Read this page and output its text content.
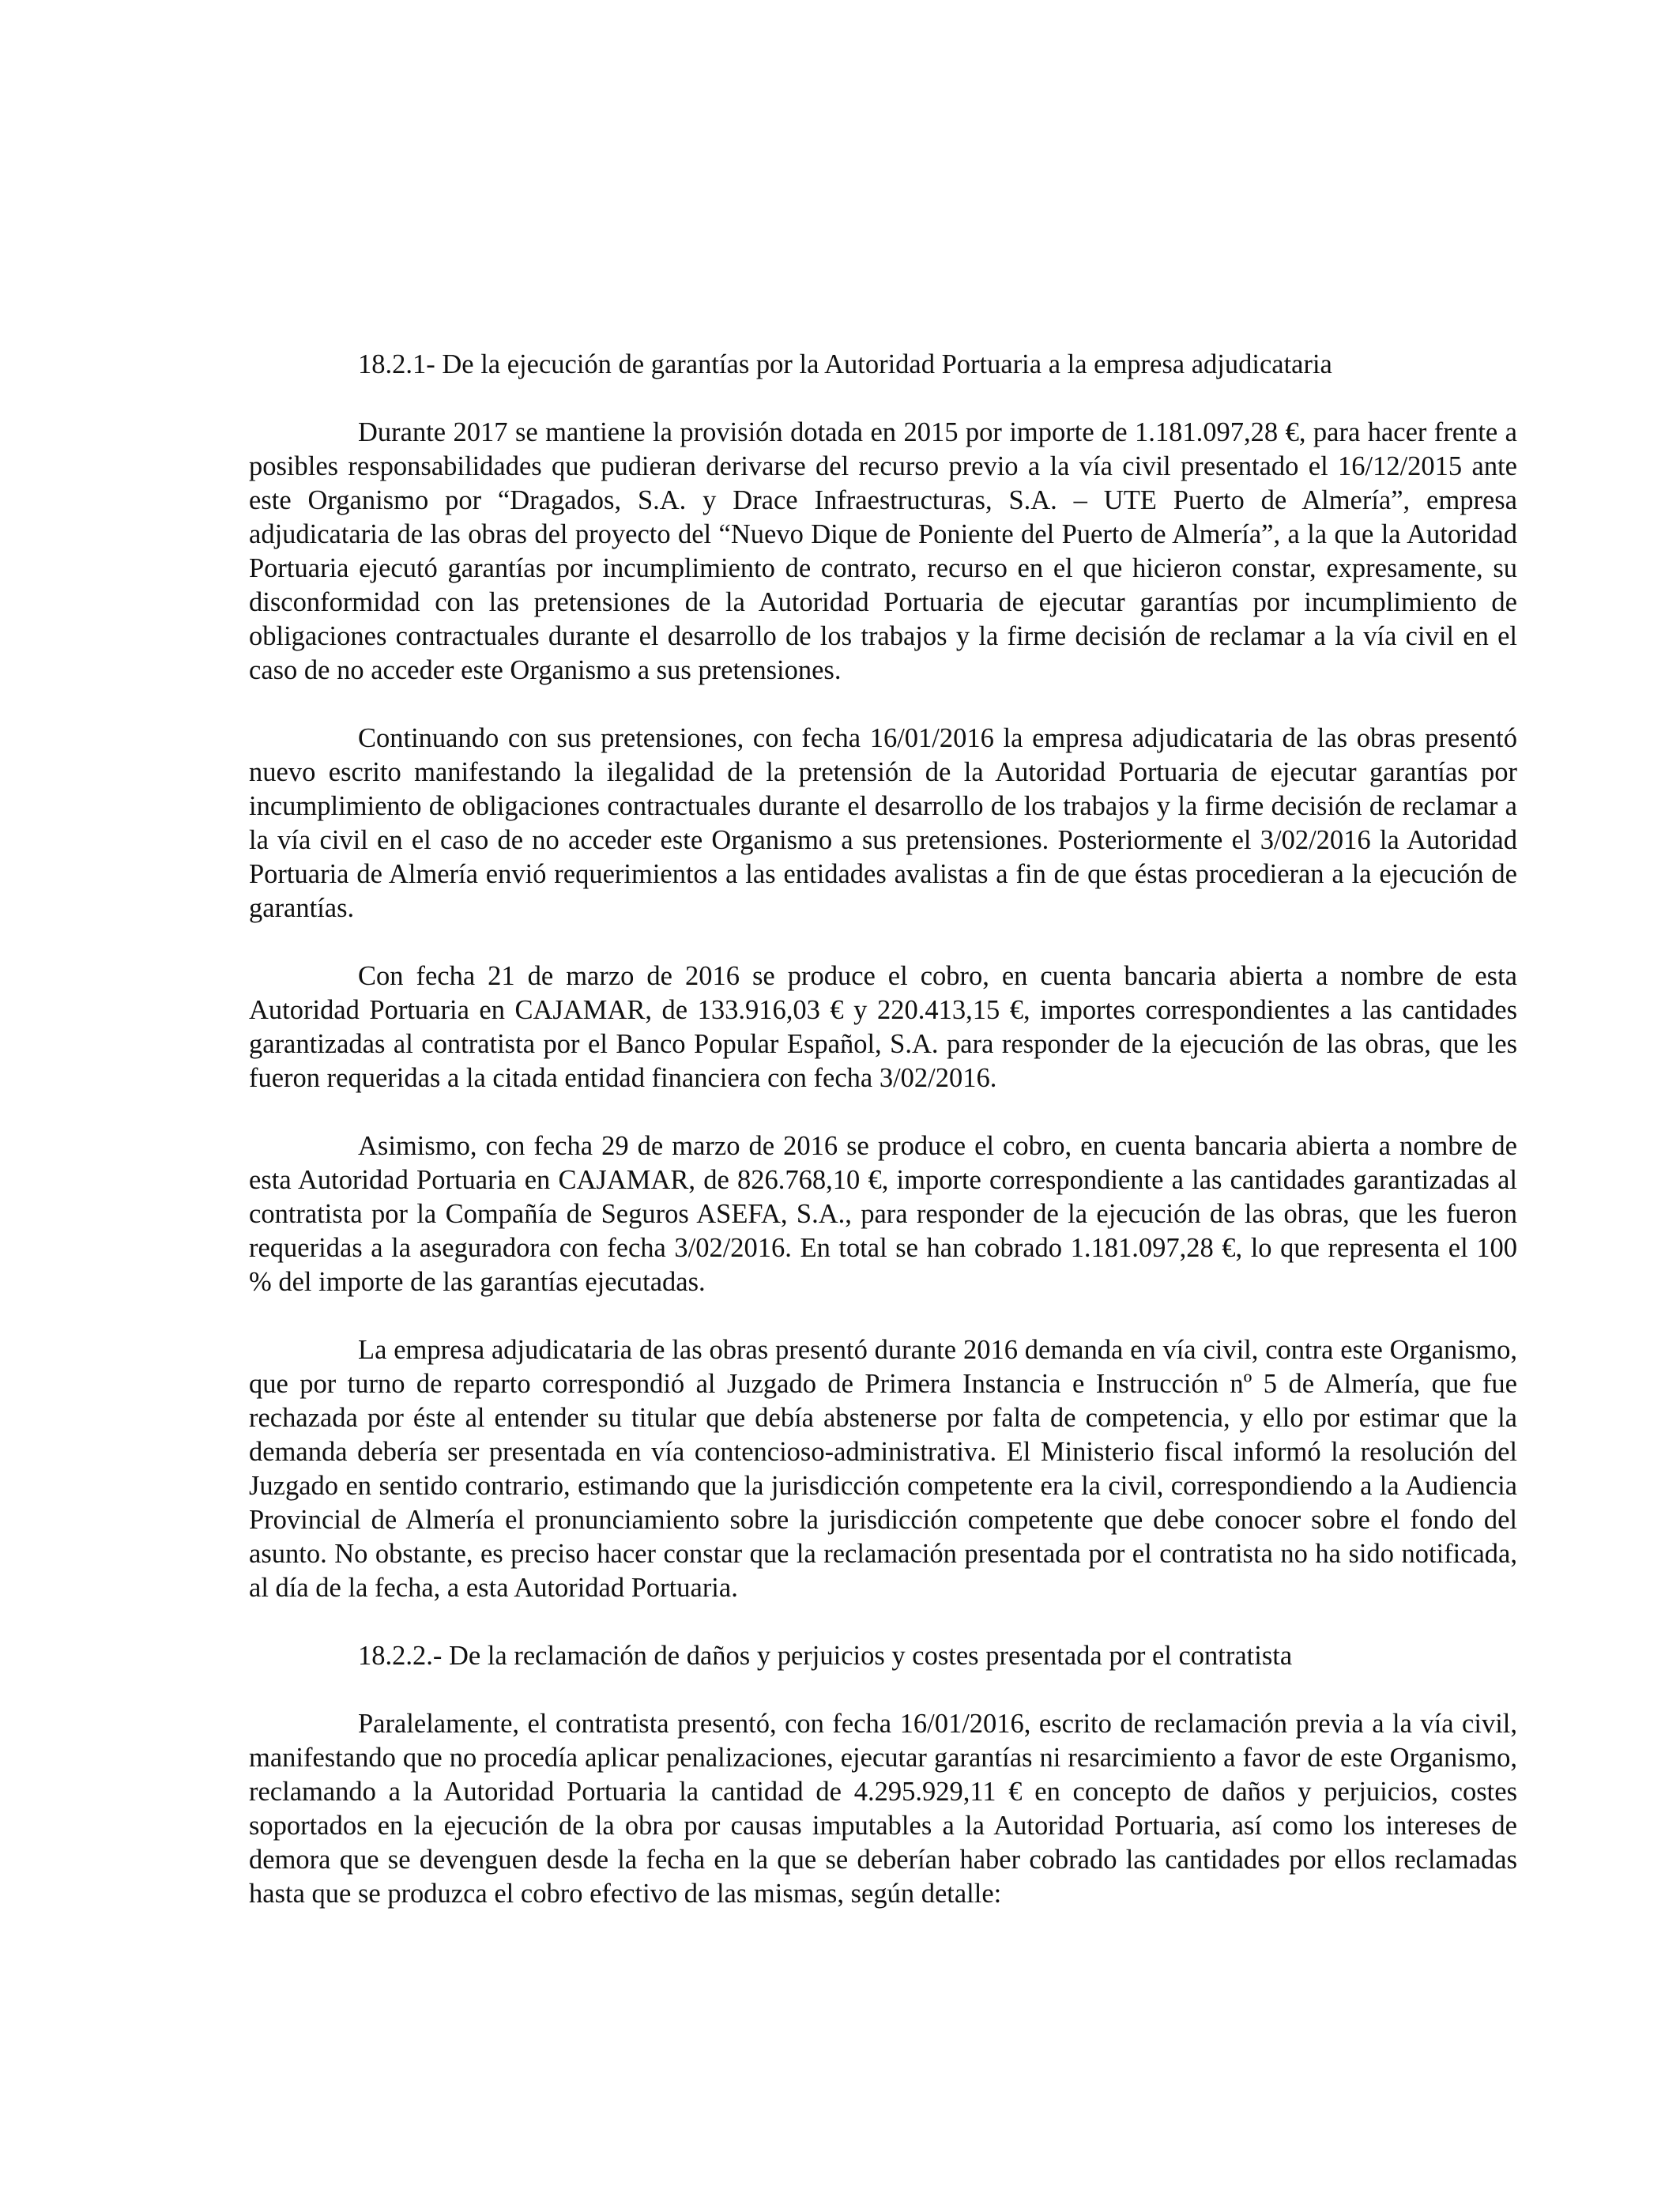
18.2.1- De la ejecución de garantías por la Autoridad Portuaria a la empresa adjudicataria

Durante 2017 se mantiene la provisión dotada en 2015 por importe de 1.181.097,28 €, para hacer frente a posibles responsabilidades que pudieran derivarse del recurso previo a la vía civil presentado el 16/12/2015 ante este Organismo por “Dragados, S.A. y Drace Infraestructuras, S.A. – UTE Puerto de Almería”, empresa adjudicataria de las obras del proyecto del “Nuevo Dique de Poniente del Puerto de Almería”, a la que la Autoridad Portuaria ejecutó garantías por incumplimiento de contrato, recurso en el que hicieron constar, expresamente, su disconformidad con las pretensiones de la Autoridad Portuaria de ejecutar garantías por incumplimiento de obligaciones contractuales durante el desarrollo de los trabajos y la firme decisión de reclamar a la vía civil en el caso de no acceder este Organismo a sus pretensiones.

Continuando con sus pretensiones, con fecha 16/01/2016 la empresa adjudicataria de las obras presentó nuevo escrito manifestando la ilegalidad de la pretensión de la Autoridad Portuaria de ejecutar garantías por incumplimiento de obligaciones contractuales durante el desarrollo de los trabajos y la firme decisión de reclamar a la vía civil en el caso de no acceder este Organismo a sus pretensiones. Posteriormente el 3/02/2016 la Autoridad Portuaria de Almería envió requerimientos a las entidades avalistas a fin de que éstas procedieran a la ejecución de garantías.

Con fecha 21 de marzo de 2016 se produce el cobro, en cuenta bancaria abierta a nombre de esta Autoridad Portuaria en CAJAMAR, de 133.916,03 € y 220.413,15 €, importes correspondientes a las cantidades garantizadas al contratista por el Banco Popular Español, S.A. para responder de la ejecución de las obras, que les fueron requeridas a la citada entidad financiera con fecha 3/02/2016.

Asimismo, con fecha 29 de marzo de 2016 se produce el cobro, en cuenta bancaria abierta a nombre de esta Autoridad Portuaria en CAJAMAR, de 826.768,10 €, importe correspondiente a las cantidades garantizadas al contratista por la Compañía de Seguros ASEFA, S.A., para responder de la ejecución de las obras, que les fueron requeridas a la aseguradora con fecha 3/02/2016. En total se han cobrado 1.181.097,28 €, lo que representa el 100 % del importe de las garantías ejecutadas.

La empresa adjudicataria de las obras presentó durante 2016 demanda en vía civil, contra este Organismo, que por turno de reparto correspondió al Juzgado de Primera Instancia e Instrucción nº 5 de Almería, que fue rechazada por éste al entender su titular que debía abstenerse por falta de competencia, y ello por estimar que la demanda debería ser presentada en vía contencioso-administrativa. El Ministerio fiscal informó la resolución del Juzgado en sentido contrario, estimando que la jurisdicción competente era la civil, correspondiendo a la Audiencia Provincial de Almería el pronunciamiento sobre la jurisdicción competente que debe conocer sobre el fondo del asunto. No obstante, es preciso hacer constar que la reclamación presentada por el contratista no ha sido notificada, al día de la fecha, a esta Autoridad Portuaria.

18.2.2.- De la reclamación de daños y perjuicios y costes presentada por el contratista

Paralelamente, el contratista presentó, con fecha 16/01/2016, escrito de reclamación previa a la vía civil, manifestando que no procedía aplicar penalizaciones, ejecutar garantías ni resarcimiento a favor de este Organismo, reclamando a la Autoridad Portuaria la cantidad de 4.295.929,11 € en concepto de daños y perjuicios, costes soportados en la ejecución de la obra por causas imputables a la Autoridad Portuaria, así como los intereses de demora que se devenguen desde la fecha en la que se deberían haber cobrado las cantidades por ellos reclamadas hasta que se produzca el cobro efectivo de las mismas, según detalle:
